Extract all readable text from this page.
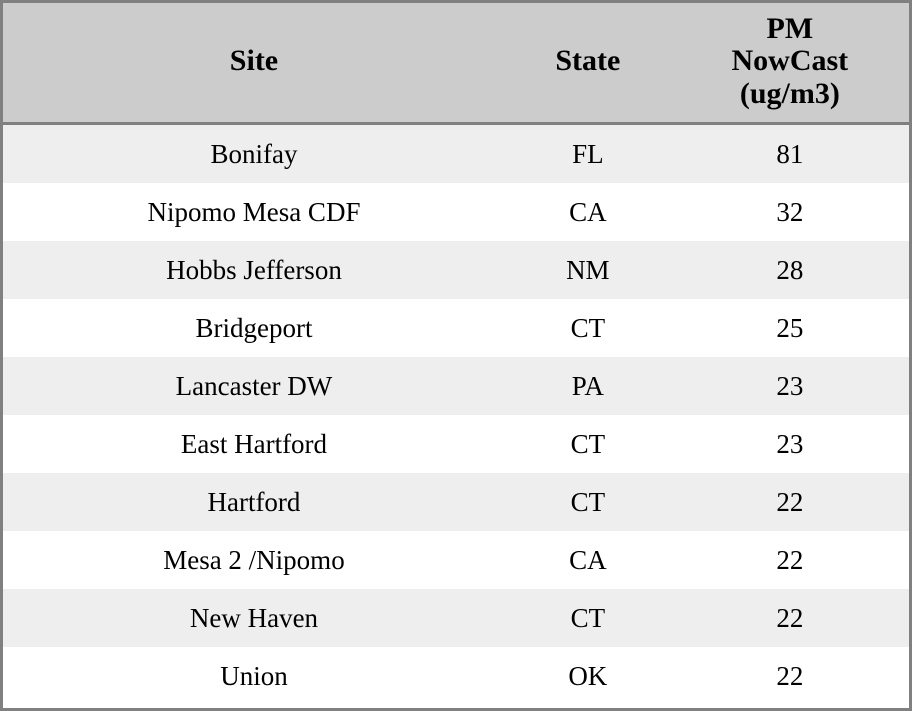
Site	State	PM
NowCast
(ug/m3)

Bonifay	FL	81
Nipomo Mesa CDF	CA	32
Hobbs Jefferson	NM	28
Bridgeport	CT	25
Lancaster DW	PA	23
East Hartford	CT	23
Hartford	CT	22
Mesa 2 /Nipomo	CA	22
New Haven	CT	22
Union	OK	22
